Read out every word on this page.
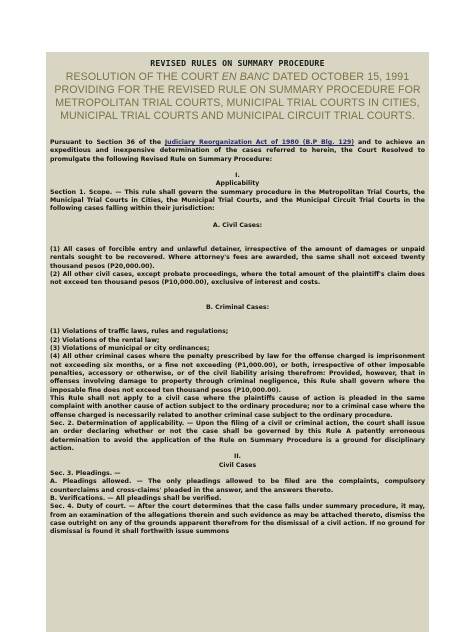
REVISED RULES ON SUMMARY PROCEDURE
RESOLUTION OF THE COURT EN BANC DATED OCTOBER 15, 1991 PROVIDING FOR THE REVISED RULE ON SUMMARY PROCEDURE FOR METROPOLITAN TRIAL COURTS, MUNICIPAL TRIAL COURTS IN CITIES, MUNICIPAL TRIAL COURTS AND MUNICIPAL CIRCUIT TRIAL COURTS.

Pursuant to Section 36 of the Judiciary Reorganization Act of 1980 (B.P Blg. 129) and to achieve an expeditious and inexpensive determination of the cases referred to herein, the Court Resolved to promulgate the following Revised Rule on Summary Procedure:

I.

Applicability

Section 1. Scope. — This rule shall govern the summary procedure in the Metropolitan Trial Courts, the Municipal Trial Courts in Cities, the Municipal Trial Courts, and the Municipal Circuit Trial Courts in the following cases falling within their jurisdiction:

A. Civil Cases:

(1) All cases of forcible entry and unlawful detainer, irrespective of the amount of damages or unpaid rentals sought to be recovered. Where attorney's fees are awarded, the same shall not exceed twenty thousand pesos (P20,000.00).

(2) All other civil cases, except probate proceedings, where the total amount of the plaintiff's claim does not exceed ten thousand pesos (P10,000.00), exclusive of interest and costs.

B. Criminal Cases:

(1) Violations of traffic laws, rules and regulations;

(2) Violations of the rental law;

(3) Violations of municipal or city ordinances;

(4) All other criminal cases where the penalty prescribed by law for the offense charged is imprisonment not exceeding six months, or a fine not exceeding (P1,000.00), or both, irrespective of other imposable penalties, accessory or otherwise, or of the civil liability arising therefrom: Provided, however, that in offenses involving damage to property through criminal negligence, this Rule shall govern where the imposable fine does not exceed ten thousand pesos (P10,000.00).

This Rule shall not apply to a civil case where the plaintiffs cause of action is pleaded in the same complaint with another cause of action subject to the ordinary procedure; nor to a criminal case where the offense charged is necessarily related to another criminal case subject to the ordinary procedure.

Sec. 2. Determination of applicability. — Upon the filing of a civil or criminal action, the court shall issue an order declaring whether or not the case shall be governed by this Rule A patently erroneous determination to avoid the application of the Rule on Summary Procedure is a ground for disciplinary action.

II.

Civil Cases

Sec. 3. Pleadings. —

A. Pleadings allowed. — The only pleadings allowed to be filed are the complaints, compulsory counterclaims and cross-claims' pleaded in the answer, and the answers thereto.

B. Verifications. — All pleadings shall be verified.

Sec. 4. Duty of court. — After the court determines that the case falls under summary procedure, it may, from an examination of the allegations therein and such evidence as may be attached thereto, dismiss the case outright on any of the grounds apparent therefrom for the dismissal of a civil action. If no ground for dismissal is found it shall forthwith issue summons
